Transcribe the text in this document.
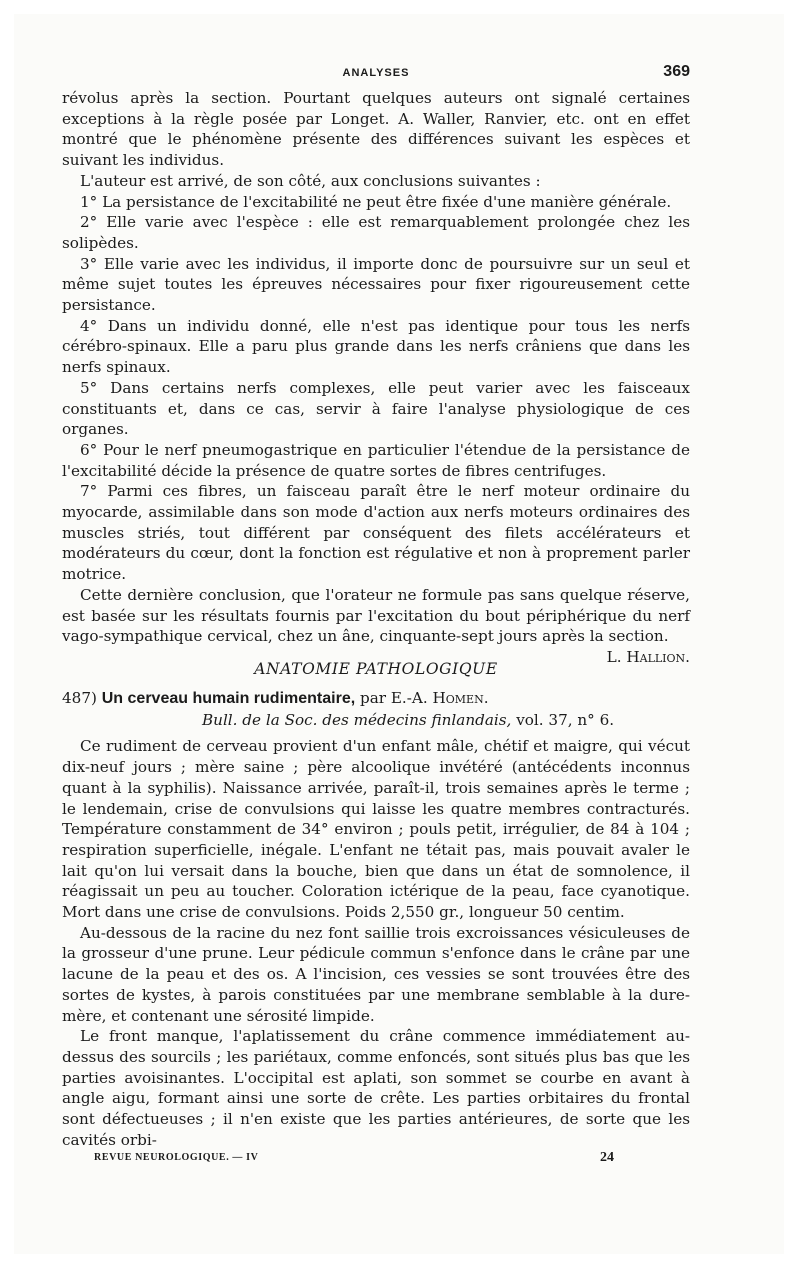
ANALYSES	369

révolus après la section. Pourtant quelques auteurs ont signalé certaines exceptions à la règle posée par Longet. A. Waller, Ranvier, etc. ont en effet montré que le phénomène présente des différences suivant les espèces et suivant les individus.

L'auteur est arrivé, de son côté, aux conclusions suivantes :

1° La persistance de l'excitabilité ne peut être fixée d'une manière générale.

2° Elle varie avec l'espèce : elle est remarquablement prolongée chez les solipèdes.

3° Elle varie avec les individus, il importe donc de poursuivre sur un seul et même sujet toutes les épreuves nécessaires pour fixer rigoureusement cette persistance.

4° Dans un individu donné, elle n'est pas identique pour tous les nerfs cérébro-spinaux. Elle a paru plus grande dans les nerfs crâniens que dans les nerfs spinaux.

5° Dans certains nerfs complexes, elle peut varier avec les faisceaux constituants et, dans ce cas, servir à faire l'analyse physiologique de ces organes.

6° Pour le nerf pneumogastrique en particulier l'étendue de la persistance de l'excitabilité décide la présence de quatre sortes de fibres centrifuges.

7° Parmi ces fibres, un faisceau paraît être le nerf moteur ordinaire du myocarde, assimilable dans son mode d'action aux nerfs moteurs ordinaires des muscles striés, tout différent par conséquent des filets accélérateurs et modérateurs du cœur, dont la fonction est régulative et non à proprement parler motrice.

Cette dernière conclusion, que l'orateur ne formule pas sans quelque réserve, est basée sur les résultats fournis par l'excitation du bout périphérique du nerf vago-sympathique cervical, chez un âne, cinquante-sept jours après la section.

L. Hallion.

ANATOMIE PATHOLOGIQUE

487) Un cerveau humain rudimentaire, par E.-A. Homen.

Bull. de la Soc. des médecins finlandais, vol. 37, n° 6.

Ce rudiment de cerveau provient d'un enfant mâle, chétif et maigre, qui vécut dix-neuf jours ; mère saine ; père alcoolique invétéré (antécédents inconnus quant à la syphilis). Naissance arrivée, paraît-il, trois semaines après le terme ; le lendemain, crise de convulsions qui laisse les quatre membres contracturés. Température constamment de 34° environ ; pouls petit, irrégulier, de 84 à 104 ; respiration superficielle, inégale. L'enfant ne tétait pas, mais pouvait avaler le lait qu'on lui versait dans la bouche, bien que dans un état de somnolence, il réagissait un peu au toucher. Coloration ictérique de la peau, face cyanotique. Mort dans une crise de convulsions. Poids 2,550 gr., longueur 50 centim.

Au-dessous de la racine du nez font saillie trois excroissances vésiculeuses de la grosseur d'une prune. Leur pédicule commun s'enfonce dans le crâne par une lacune de la peau et des os. A l'incision, ces vessies se sont trouvées être des sortes de kystes, à parois constituées par une membrane semblable à la dure-mère, et contenant une sérosité limpide.

Le front manque, l'aplatissement du crâne commence immédiatement au-dessus des sourcils ; les pariétaux, comme enfoncés, sont situés plus bas que les parties avoisinantes. L'occipital est aplati, son sommet se courbe en avant à angle aigu, formant ainsi une sorte de crête. Les parties orbitaires du frontal sont défectueuses ; il n'en existe que les parties antérieures, de sorte que les cavités orbi-

REVUE NEUROLOGIQUE. — IV	24
